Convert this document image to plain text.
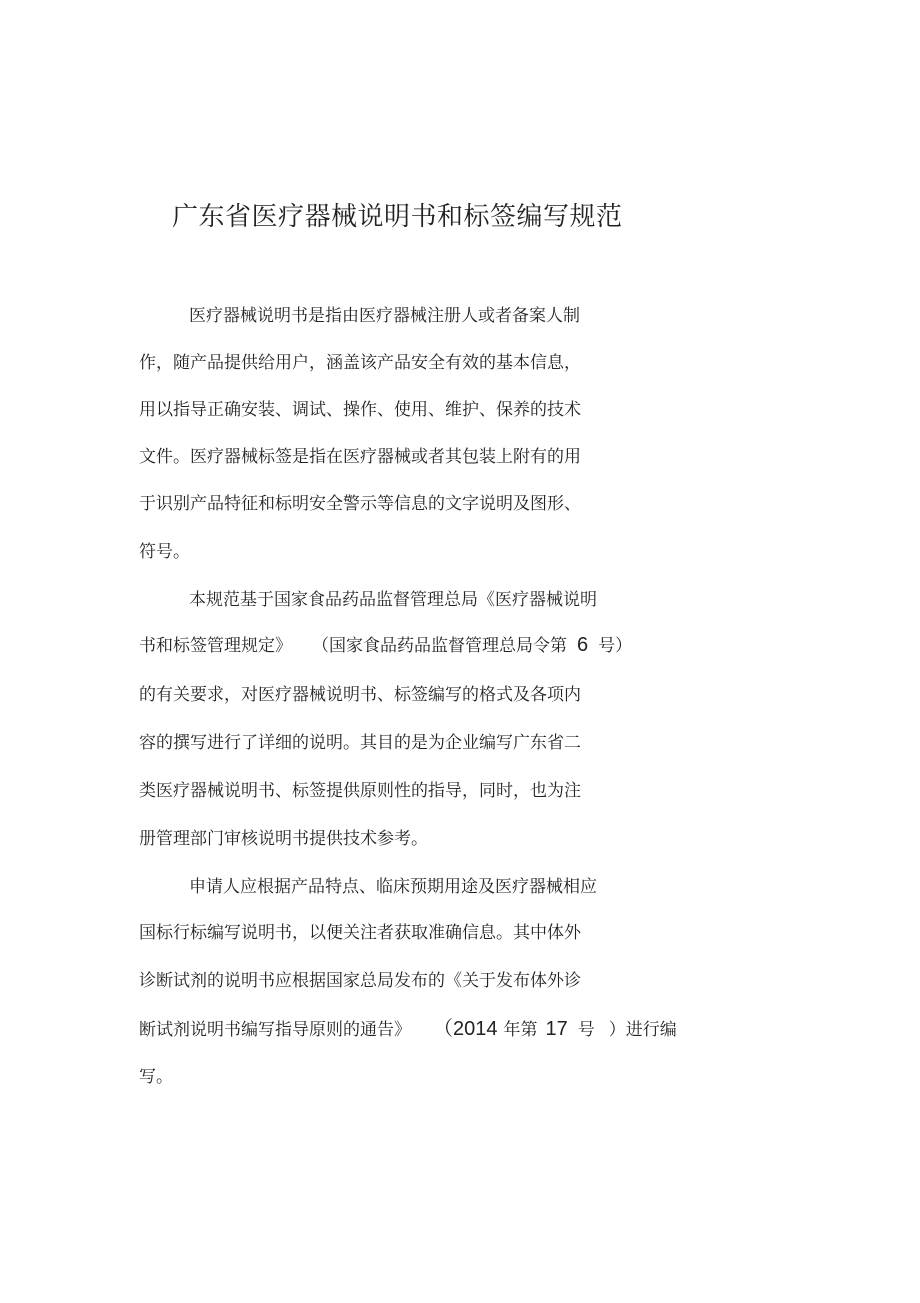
广东省医疗器械说明书和标签编写规范
医疗器械说明书是指由医疗器械注册人或者备案人制
作，随产品提供给用户，涵盖该产品安全有效的基本信息，
用以指导正确安装、调试、操作、使用、维护、保养的技术
文件。医疗器械标签是指在医疗器械或者其包装上附有的用
于识别产品特征和标明安全警示等信息的文字说明及图形、
符号。
本规范基于国家食品药品监督管理总局《医疗器械说明
书和标签管理规定》 （国家食品药品监督管理总局令第 6 号）
的有关要求，对医疗器械说明书、标签编写的格式及各项内
容的撰写进行了详细的说明。其目的是为企业编写广东省二
类医疗器械说明书、标签提供原则性的指导，同时，也为注
册管理部门审核说明书提供技术参考。
申请人应根据产品特点、临床预期用途及医疗器械相应
国标行标编写说明书，以便关注者获取准确信息。其中体外
诊断试剂的说明书应根据国家总局发布的《关于发布体外诊
断试剂说明书编写指导原则的通告》 （2014 年第 17 号 ）进行编
写。
